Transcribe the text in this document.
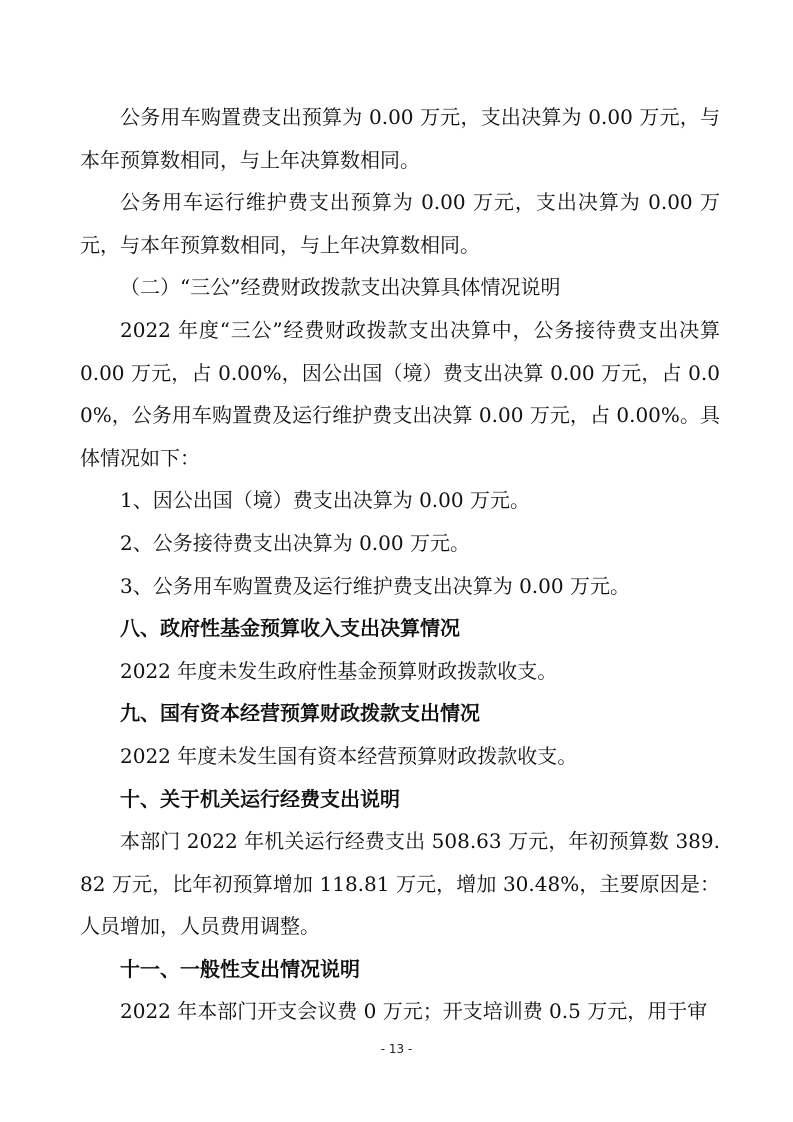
公务用车购置费支出预算为 0.00 万元，支出决算为 0.00 万元，与本年预算数相同，与上年决算数相同。

公务用车运行维护费支出预算为 0.00 万元，支出决算为 0.00 万元，与本年预算数相同，与上年决算数相同。

（二）“三公”经费财政拨款支出决算具体情况说明

2022 年度“三公”经费财政拨款支出决算中，公务接待费支出决算 0.00 万元，占 0.00%，因公出国（境）费支出决算 0.00 万元，占 0.00%，公务用车购置费及运行维护费支出决算 0.00 万元，占 0.00%。具体情况如下：

1、因公出国（境）费支出决算为 0.00 万元。

2、公务接待费支出决算为 0.00 万元。

3、公务用车购置费及运行维护费支出决算为 0.00 万元。

八、政府性基金预算收入支出决算情况

2022 年度未发生政府性基金预算财政拨款收支。

九、国有资本经营预算财政拨款支出情况

2022 年度未发生国有资本经营预算财政拨款收支。

十、关于机关运行经费支出说明

本部门 2022 年机关运行经费支出 508.63 万元，年初预算数 389.82 万元，比年初预算增加 118.81 万元，增加 30.48%，主要原因是：人员增加，人员费用调整。

十一、一般性支出情况说明

2022 年本部门开支会议费 0 万元；开支培训费 0.5 万元，用于审

- 13 -
